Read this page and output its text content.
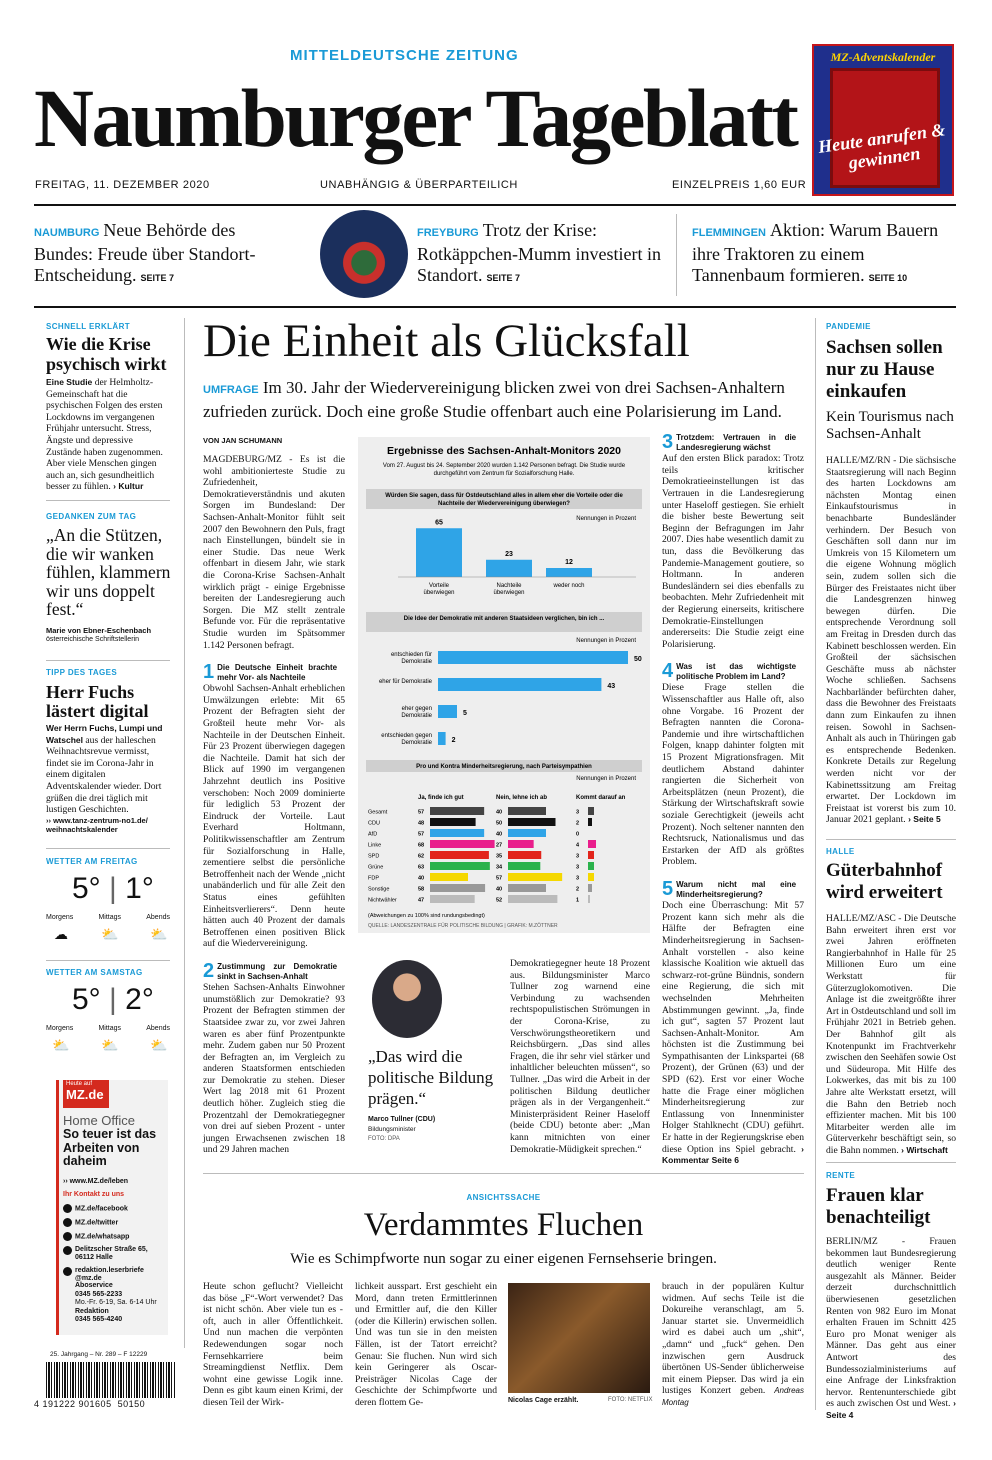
MITTELDEUTSCHE ZEITUNG
Naumburger Tageblatt
FREITAG, 11. DEZEMBER 2020	UNABHÄNGIG & ÜBERPARTEILICH	EINZELPREIS 1,60 EUR
MZ-Adventskalender
Heute anrufen & gewinnen
NAUMBURG Neue Behörde des Bundes: Freude über Standort-Entscheidung. SEITE 7
FREYBURG Trotz der Krise: Rotkäppchen-Mumm investiert in Standort. SEITE 7
FLEMMINGEN Aktion: Warum Bauern ihre Traktoren zu einem Tannenbaum formieren. SEITE 10
SCHNELL ERKLÄRT
Wie die Krise psychisch wirkt
Eine Studie der Helmholtz-Gemeinschaft hat die psychischen Folgen des ersten Lockdowns im vergangenen Frühjahr untersucht. Stress, Ängste und depressive Zustände haben zugenommen. Aber viele Menschen gingen auch an, sich gesundheitlich besser zu fühlen. › Kultur
GEDANKEN ZUM TAG
„An die Stützen, die wir wanken fühlen, klammern wir uns doppelt fest.“
Marie von Ebner-Eschenbach
österreichische Schriftstellerin
TIPP DES TAGES
Herr Fuchs lästert digital
Wer Herrn Fuchs, Lumpi und Watschel aus der halleschen Weihnachtsrevue vermisst, findet sie im Corona-Jahr in einem digitalen Adventskalender wieder. Dort grüßen die drei täglich mit lustigen Geschichten.
›› www.tanz-zentrum-no1.de/ weihnachtskalender
WETTER AM FREITAG
5° | 1°
Morgens	Mittags	Abends
☁	⛅	⛅
WETTER AM SAMSTAG
5° | 2°
Morgens	Mittags	Abends
⛅	⛅	⛅
Heute auf
MZ.de
Home Office
So teuer ist das Arbeiten von daheim
›› www.MZ.de/leben
Ihr Kontakt zu uns
MZ.de/facebook
MZ.de/twitter
MZ.de/whatsapp
Delitzscher Straße 65, 06112 Halle
redaktion.leserbriefe @mz.de
Aboservice
0345 565-2233
Mo.-Fr. 6-19, Sa. 6-14 Uhr
Redaktion
0345 565-4240
25. Jahrgang – Nr. 289 – F 12229
4 191222 901605  50150
Die Einheit als Glücksfall
UMFRAGE Im 30. Jahr der Wiedervereinigung blicken zwei von drei Sachsen-Anhaltern zufrieden zurück. Doch eine große Studie offenbart auch eine Polarisierung im Land.
VON JAN SCHUMANN
MAGDEBURG/MZ - Es ist die wohl ambitionierteste Studie zu Zufriedenheit, Demokratieverständnis und akuten Sorgen im Bundesland: Der Sachsen-Anhalt-Monitor fühlt seit 2007 den Bewohnern den Puls, fragt nach Einstellungen, bündelt sie in einer Studie. Das neue Werk offenbart in diesem Jahr, wie stark die Corona-Krise Sachsen-Anhalt wirklich prägt - einige Ergebnisse bereiten der Landesregierung auch Sorgen. Die MZ stellt zentrale Befunde vor. Für die repräsentative Studie wurden im Spätsommer 1.142 Personen befragt.
1 Die Deutsche Einheit brachte mehr Vor- als Nachteile
Obwohl Sachsen-Anhalt erheblichen Umwälzungen erlebte: Mit 65 Prozent der Befragten sieht der Großteil heute mehr Vor- als Nachteile in der Deutschen Einheit. Für 23 Prozent überwiegen dagegen die Nachteile. Damit hat sich der Blick auf 1990 im vergangenen Jahrzehnt deutlich ins Positive verschoben: Noch 2009 dominierte für lediglich 53 Prozent der Eindruck der Vorteile. Laut Everhard Holtmann, Politikwissenschaftler am Zentrum für Sozialforschung in Halle, zementiere selbst die persönliche Betroffenheit nach der Wende „nicht unabänderlich und für alle Zeit den Status eines gefühlten Einheitsverlierers“. Denn heute hätten auch 40 Prozent der damals Betroffenen einen positiven Blick auf die Wiedervereinigung.
2 Zustimmung zur Demokratie sinkt in Sachsen-Anhalt
Stehen Sachsen-Anhalts Einwohner unumstößlich zur Demokratie? 93 Prozent der Befragten stimmen der Staatsidee zwar zu, vor zwei Jahren waren es aber fünf Prozentpunkte mehr. Zudem gaben nur 50 Prozent der Befragten an, im Vergleich zu anderen Staatsformen entschieden zur Demokratie zu stehen. Dieser Wert lag 2018 mit 61 Prozent deutlich höher. Zugleich stieg die Prozentzahl der Demokratiegegner von drei auf sieben Prozent - unter jungen Erwachsenen zwischen 18 und 29 Jahren machen
Ergebnisse des Sachsen-Anhalt-Monitors 2020
Vom 27. August bis 24. September 2020 wurden 1.142 Personen befragt. Die Studie wurde
durchgeführt vom Zentrum für Sozialforschung Halle.
Würden Sie sagen, dass für Ostdeutschland alles in allem eher die Vorteile oder die
Nachteile der Wiedervereinigung überwiegen?
Nennungen in Prozent
65
Vorteile
überwiegen
23
Nachteile
überwiegen
12
weder noch
Die Idee der Demokratie mit anderen Staatsideen verglichen, bin ich ...
Nennungen in Prozent
50
entschieden für
Demokratie
43
eher für Demokratie
5
eher gegen
Demokratie
2
entschieden gegen
Demokratie
Pro und Kontra Minderheitsregierung, nach Parteisympathien
Nennungen in Prozent
Ja, finde ich gut	Nein, lehne ich ab	Kommt darauf an
Gesamt	57	40	3
CDU	48	50	2
AfD	57	40	0
Linke	68	27	4
SPD	62	35	3
Grüne	63	34	3
FDP	40	57	3
Sonstige	58	40	2
Nichtwähler	47	52	1
(Abweichungen zu 100% sind rundungsbedingt)
QUELLE: LANDESZENTRALE FÜR POLITISCHE BILDUNG | GRAFIK: M.ZÖTTNER
3 Trotzdem: Vertrauen in die Landesregierung wächst
Auf den ersten Blick paradox: Trotz teils kritischer Demokratieeinstellungen ist das Vertrauen in die Landesregierung unter Haseloff gestiegen. Sie erhielt die bisher beste Bewertung seit Beginn der Befragungen im Jahr 2007. Dies habe wesentlich damit zu tun, dass die Bevölkerung das Pandemie-Management goutiere, so Holtmann. In anderen Bundesländern sei dies ebenfalls zu beobachten. Mehr Zufriedenheit mit der Regierung einerseits, kritischere Demokratie-Einstellungen andererseits: Die Studie zeigt eine Polarisierung.
4 Was ist das wichtigste politische Problem im Land?
Diese Frage stellen die Wissenschaftler aus Halle oft, also ohne Vorgabe. 16 Prozent der Befragten nannten die Corona-Pandemie und ihre wirtschaftlichen Folgen, knapp dahinter folgten mit 15 Prozent Migrationsfragen. Mit deutlichem Abstand dahinter rangierten die Sicherheit von Arbeitsplätzen (neun Prozent), die Stärkung der Wirtschaftskraft sowie soziale Gerechtigkeit (jeweils acht Prozent). Noch seltener nannten den Rechtsruck, Nationalismus und das Erstarken der AfD als größtes Problem.
5 Warum nicht mal eine Minderheitsregierung?
Doch eine Überraschung: Mit 57 Prozent kann sich mehr als die Hälfte der Befragten eine Minderheitsregierung in Sachsen-Anhalt vorstellen - also keine klassische Koalition wie aktuell das schwarz-rot-grüne Bündnis, sondern eine Regierung, die sich mit wechselnden Mehrheiten Abstimmungen gewinnt. „Ja, finde ich gut“, sagten 57 Prozent laut Sachsen-Anhalt-Monitor. Am höchsten ist die Zustimmung bei Sympathisanten der Linkspartei (68 Prozent), der Grünen (63) und der SPD (62). Erst vor einer Woche hatte die Frage einer möglichen Minderheitsregierung zur Entlassung von Innenminister Holger Stahlknecht (CDU) geführt. Er hatte in der Regierungskrise eben diese Option ins Spiel gebracht. › Kommentar Seite 6
„Das wird die politische Bildung prägen.“
Marco Tullner (CDU)
Bildungsminister
FOTO: DPA
Demokratiegegner heute 18 Prozent aus. Bildungsminister Marco Tullner zog warnend eine Verbindung zu wachsenden rechtspopulistischen Strömungen in der Corona-Krise, zu Verschwörungstheoretikern und Reichsbürgern. „Das sind alles Fragen, die ihr sehr viel stärker und inhaltlicher beleuchten müssen“, so Tullner. „Das wird die Arbeit in der politischen Bildung deutlicher prägen als in der Vergangenheit.“ Ministerpräsident Reiner Haseloff (beide CDU) betonte aber: „Man kann mitnichten von einer Demokratie-Müdigkeit sprechen.“
PANDEMIE
Sachsen sollen nur zu Hause einkaufen
Kein Tourismus nach Sachsen-Anhalt
HALLE/MZ/RN - Die sächsische Staatsregierung will nach Beginn des harten Lockdowns am nächsten Montag einen Einkaufstourismus in benachbarte Bundesländer verhindern. Der Besuch von Geschäften soll dann nur im Umkreis von 15 Kilometern um die eigene Wohnung möglich sein, zudem sollen sich die Bürger des Freistaates nicht über die Landesgrenzen hinweg bewegen dürfen. Die entsprechende Verordnung soll am Freitag in Dresden durch das Kabinett beschlossen werden. Ein Großteil der sächsischen Geschäfte muss ab nächster Woche schließen. Sachsens Nachbarländer befürchten daher, dass die Bewohner des Freistaats dann zum Einkaufen zu ihnen reisen. Sowohl in Sachsen-Anhalt als auch in Thüringen gab es entsprechende Bedenken. Konkrete Details zur Regelung werden nicht vor der Kabinettssitzung am Freitag erwartet. Der Lockdown im Freistaat ist vorerst bis zum 10. Januar 2021 geplant. › Seite 5
HALLE
Güterbahnhof wird erweitert
HALLE/MZ/ASC - Die Deutsche Bahn erweitert ihren erst vor zwei Jahren eröffneten Rangierbahnhof in Halle für 25 Millionen Euro um eine Werkstatt für Güterzuglokomotiven. Die Anlage ist die zweitgrößte ihrer Art in Ostdeutschland und soll im Frühjahr 2021 in Betrieb gehen. Der Bahnhof gilt als Knotenpunkt im Frachtverkehr zwischen den Seehäfen sowie Ost und Südeuropa. Mit Hilfe des Lokwerkes, das mit bis zu 100 Jahre alte Werkstatt ersetzt, will die Bahn den Betrieb noch effizienter machen. Mit bis 100 Mitarbeiter werden alle im Güterverkehr beschäftigt sein, so die Bahn nommen. › Wirtschaft
RENTE
Frauen klar benachteiligt
BERLIN/MZ - Frauen bekommen laut Bundesregierung deutlich weniger Rente ausgezahlt als Männer. Beider derzeit durchschnittlich überwiesenen gesetzlichen Renten von 982 Euro im Monat erhalten Frauen im Schnitt 425 Euro pro Monat weniger als Männer. Das geht aus einer Antwort des Bundessozialministeriums auf eine Anfrage der Linksfraktion hervor. Rentenunterschiede gibt es auch zwischen Ost und West. › Seite 4
ANSICHTSSACHE
Verdammtes Fluchen
Wie es Schimpfworte nun sogar zu einer eigenen Fernsehserie bringen.
Heute schon geflucht? Vielleicht das böse „F“-Wort verwendet? Das ist nicht schön. Aber viele tun es - oft, auch in aller Öffentlichkeit. Und nun machen die verpönten Redewendungen sogar noch Fernsehkarriere beim Streamingdienst Netflix. Dem wohnt eine gewisse Logik inne. Denn es gibt kaum einen Krimi, der diesen Teil der Wirk-
lichkeit ausspart. Erst geschieht ein Mord, dann treten Ermittlerinnen und Ermittler auf, die den Killer (oder die Killerin) erwischen sollen. Und was tun sie in den meisten Fällen, ist der Tatort erreicht? Genau: Sie fluchen. Nun wird sich kein Geringerer als Oscar-Preisträger Nicolas Cage der Geschichte der Schimpfworte und deren flottem Ge-	Nicolas Cage erzählt.	FOTO: NETFLIX
brauch in der populären Kultur widmen. Auf sechs Teile ist die Dokureihe veranschlagt, am 5. Januar startet sie. Unvermeidlich wird es dabei auch um „shit“, „damn“ und „fuck“ gehen. Den inzwischen gern Ausdruck übertönen US-Sender üblicherweise mit einem Piepser. Das wird ja ein lustiges Konzert geben. Andreas Montag
